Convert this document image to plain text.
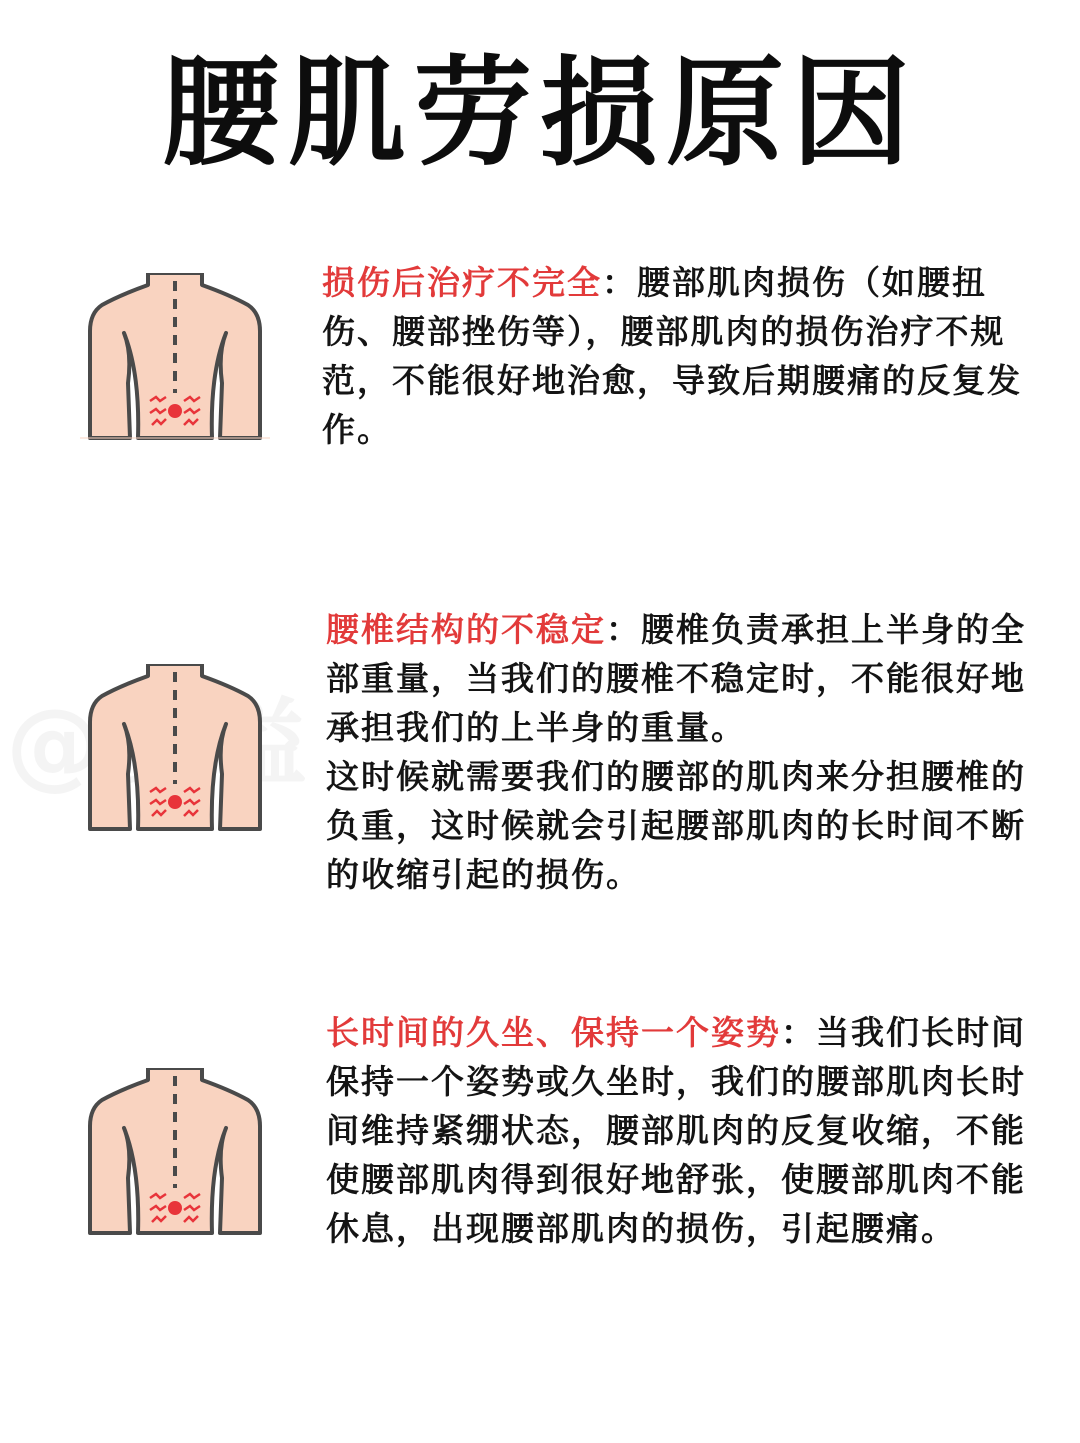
腰肌劳损原因
损伤后治疗不完全：腰部肌肉损伤（如腰扭伤、腰部挫伤等），腰部肌肉的损伤治疗不规范，不能很好地治愈，导致后期腰痛的反复发作。
腰椎结构的不稳定：腰椎负责承担上半身的全部重量，当我们的腰椎不稳定时，不能很好地承担我们的上半身的重量。
这时候就需要我们的腰部的肌肉来分担腰椎的负重，这时候就会引起腰部肌肉的长时间不断的收缩引起的损伤。
长时间的久坐、保持一个姿势：当我们长时间保持一个姿势或久坐时，我们的腰部肌肉长时间维持紧绷状态，腰部肌肉的反复收缩，不能使腰部肌肉得到很好地舒张，使腰部肌肉不能休息，出现腰部肌肉的损伤，引起腰痛。
